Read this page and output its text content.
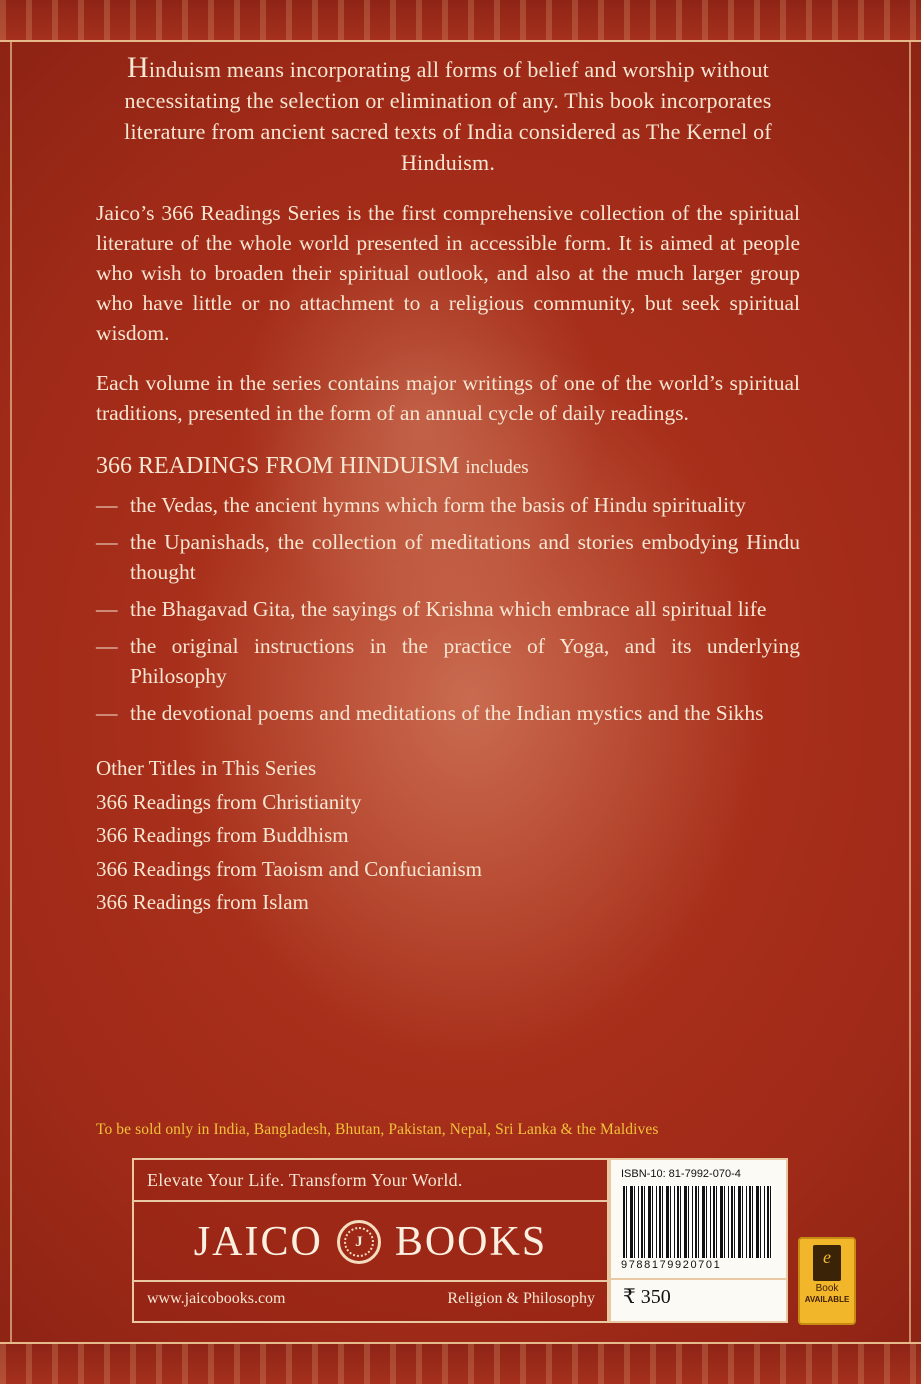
Hinduism means incorporating all forms of belief and worship without necessitating the selection or elimination of any. This book incorporates literature from ancient sacred texts of India considered as The Kernel of Hinduism.

Jaico’s 366 Readings Series is the first comprehensive collection of the spiritual literature of the whole world presented in accessible form. It is aimed at people who wish to broaden their spiritual outlook, and also at the much larger group who have little or no attachment to a religious community, but seek spiritual wisdom.

Each volume in the series contains major writings of one of the world’s spiritual traditions, presented in the form of an annual cycle of daily readings.

366 READINGS FROM HINDUISM includes
— the Vedas, the ancient hymns which form the basis of Hindu spirituality
— the Upanishads, the collection of meditations and stories embodying Hindu thought
— the Bhagavad Gita, the sayings of Krishna which embrace all spiritual life
— the original instructions in the practice of Yoga, and its underlying Philosophy
— the devotional poems and meditations of the Indian mystics and the Sikhs
Other Titles in This Series
366 Readings from Christianity
366 Readings from Buddhism
366 Readings from Taoism and Confucianism
366 Readings from Islam
To be sold only in India, Bangladesh, Bhutan, Pakistan, Nepal, Sri Lanka & the Maldives
Elevate Your Life. Transform Your World.
JAICO J BOOKS
www.jaicobooks.com	Religion & Philosophy
ISBN-10: 81-7992-070-4
9788179920701
₹ 350
e
Book
AVAILABLE
